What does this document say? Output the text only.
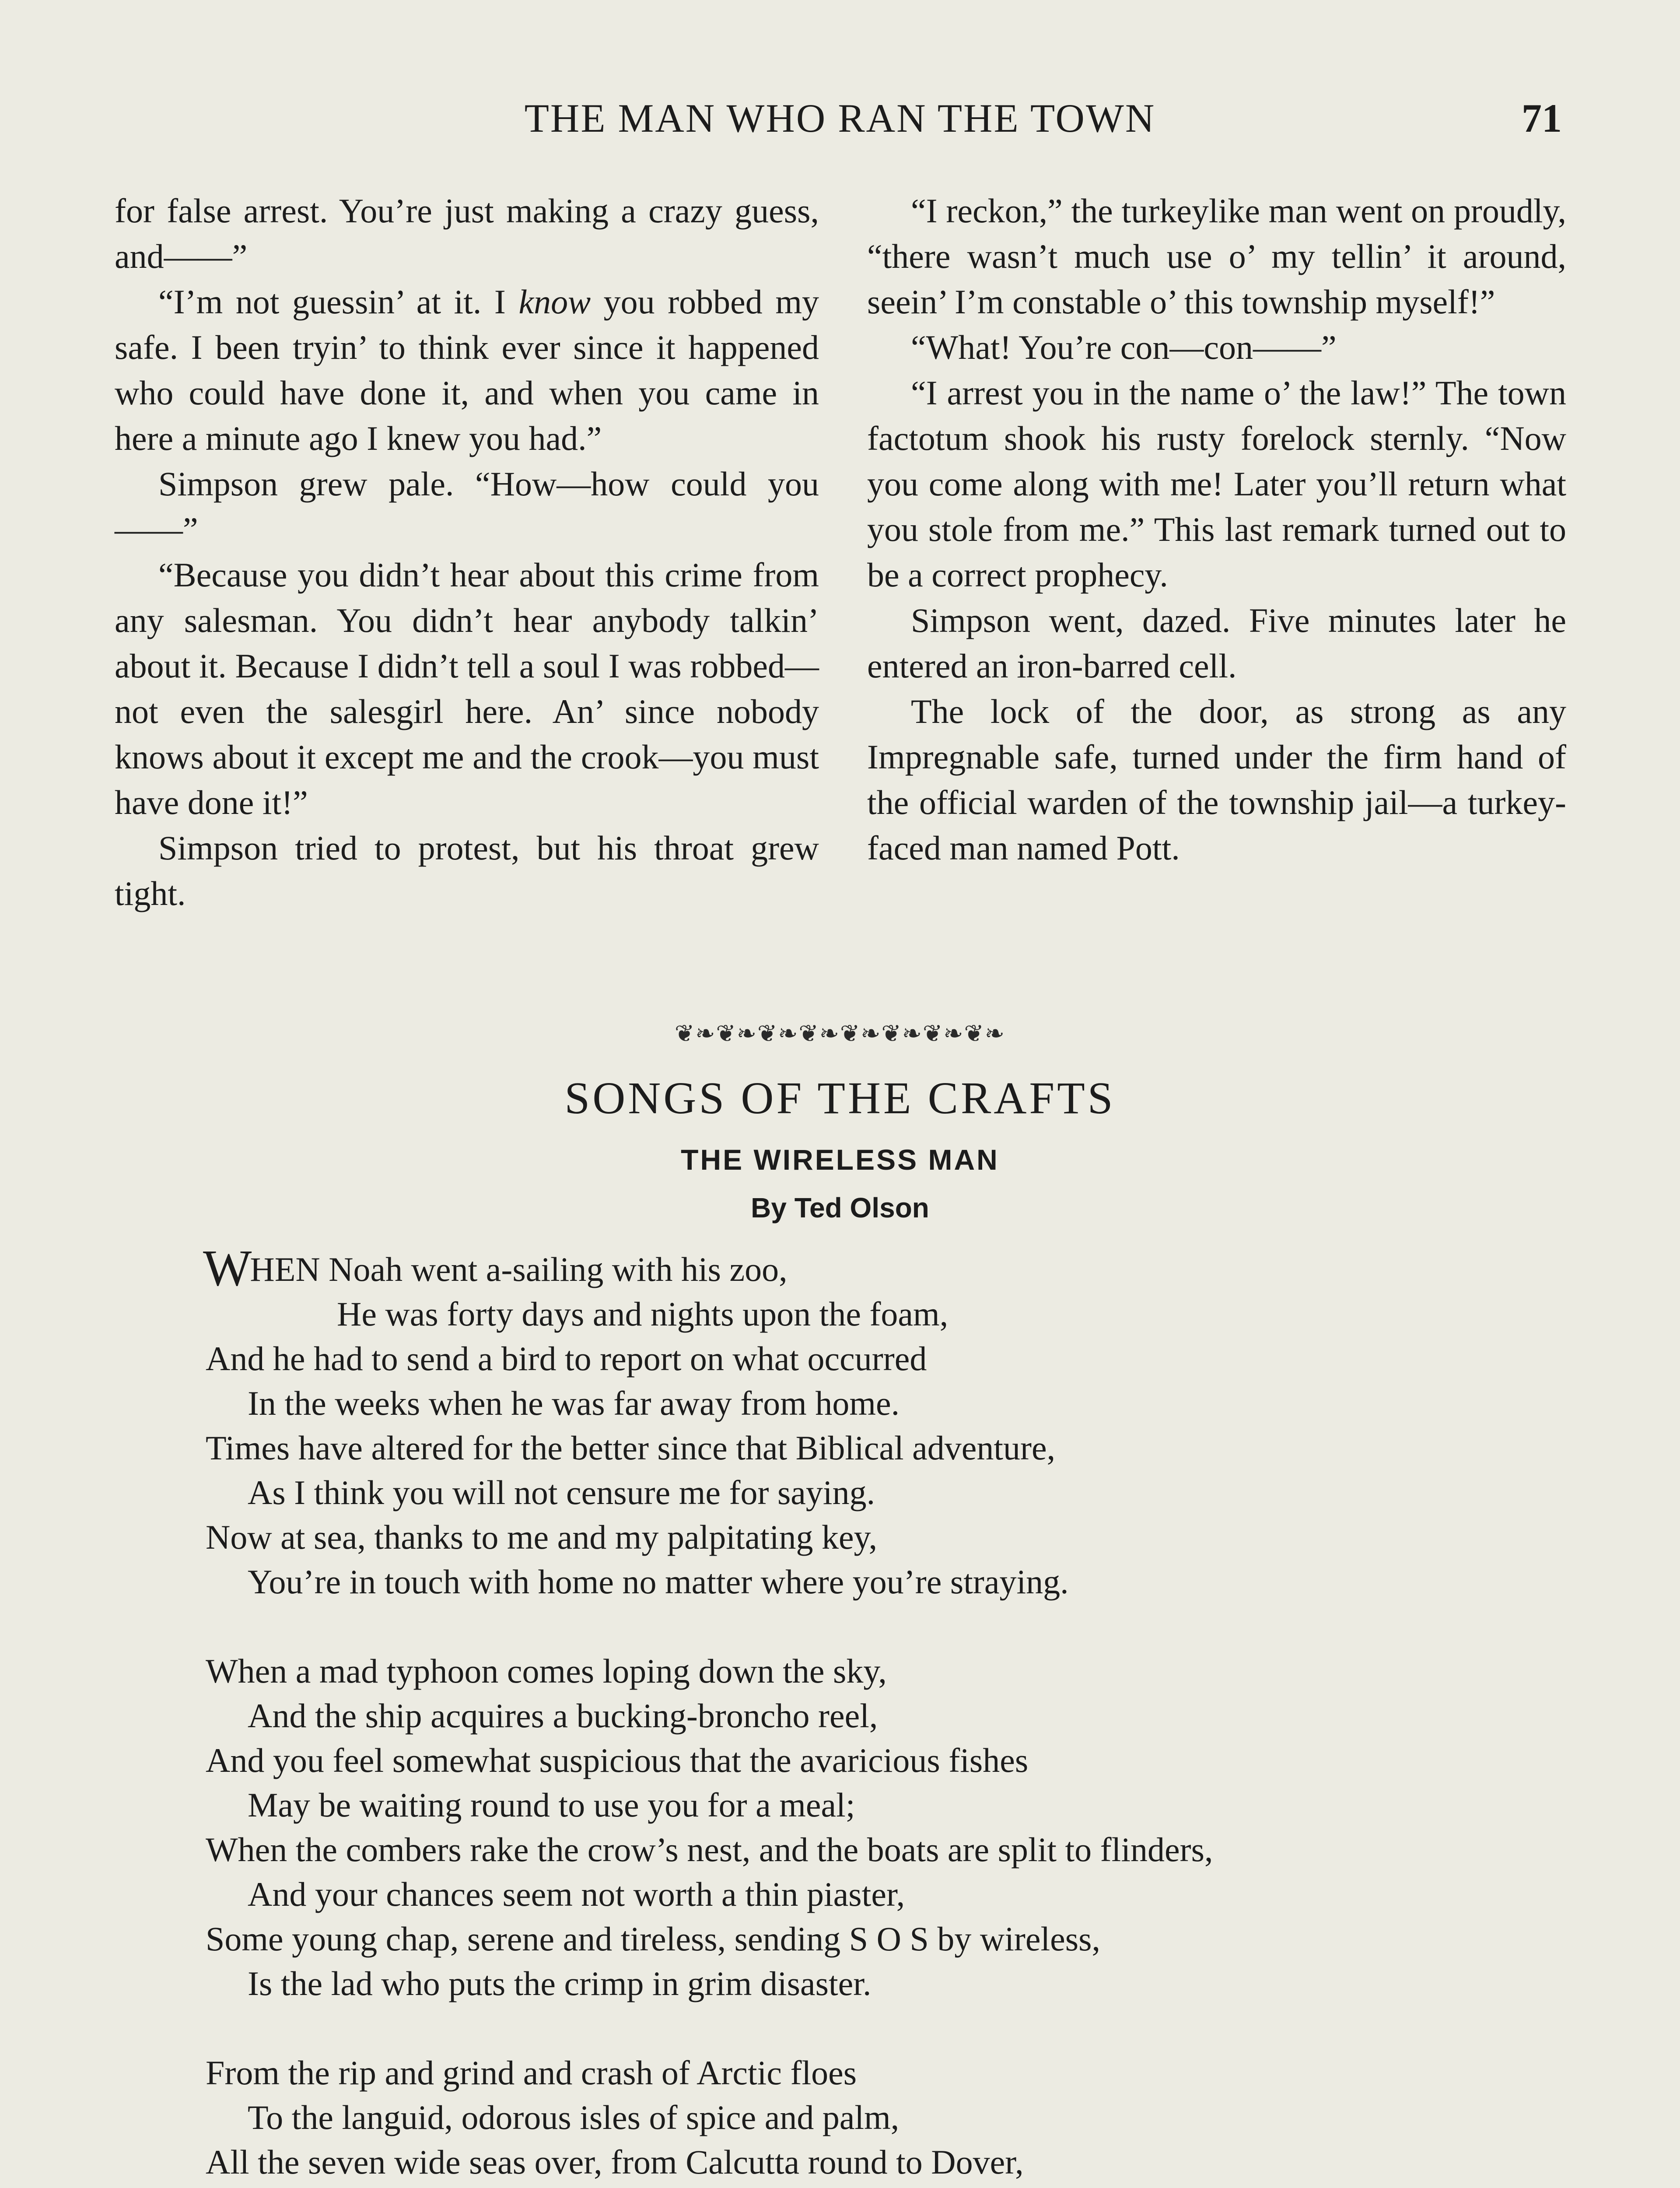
THE MAN WHO RAN THE TOWN	71

for false arrest. You’re just making a crazy guess, and——”

“I’m not guessin’ at it. I know you robbed my safe. I been tryin’ to think ever since it happened who could have done it, and when you came in here a minute ago I knew you had.”

Simpson grew pale. “How—how could you——”

“Because you didn’t hear about this crime from any salesman. You didn’t hear anybody talkin’ about it. Because I didn’t tell a soul I was robbed—not even the salesgirl here. An’ since nobody knows about it except me and the crook—you must have done it!”

Simpson tried to protest, but his throat grew tight.

“I reckon,” the turkeylike man went on proudly, “there wasn’t much use o’ my tellin’ it around, seein’ I’m constable o’ this township myself!”

“What! You’re con—con——”

“I arrest you in the name o’ the law!” The town factotum shook his rusty forelock sternly. “Now you come along with me! Later you’ll return what you stole from me.” This last remark turned out to be a correct prophecy.

Simpson went, dazed. Five minutes later he entered an iron-barred cell.

The lock of the door, as strong as any Impregnable safe, turned under the firm hand of the official warden of the township jail—a turkey-faced man named Pott.

❦❧❦❧❦❧❦❧❦❧❦❧❦❧❦❧
SONGS OF THE CRAFTS
THE WIRELESS MAN
By Ted Olson
WHEN Noah went a-sailing with his zoo,
He was forty days and nights upon the foam,
And he had to send a bird to report on what occurred
In the weeks when he was far away from home.
Times have altered for the better since that Biblical adventure,
As I think you will not censure me for saying.
Now at sea, thanks to me and my palpitating key,
You’re in touch with home no matter where you’re straying.
When a mad typhoon comes loping down the sky,
And the ship acquires a bucking-broncho reel,
And you feel somewhat suspicious that the avaricious fishes
May be waiting round to use you for a meal;
When the combers rake the crow’s nest, and the boats are split to flinders,
And your chances seem not worth a thin piaster,
Some young chap, serene and tireless, sending S O S by wireless,
Is the lad who puts the crimp in grim disaster.
From the rip and grind and crash of Arctic floes
To the languid, odorous isles of spice and palm,
All the seven wide seas over, from Calcutta round to Dover,
